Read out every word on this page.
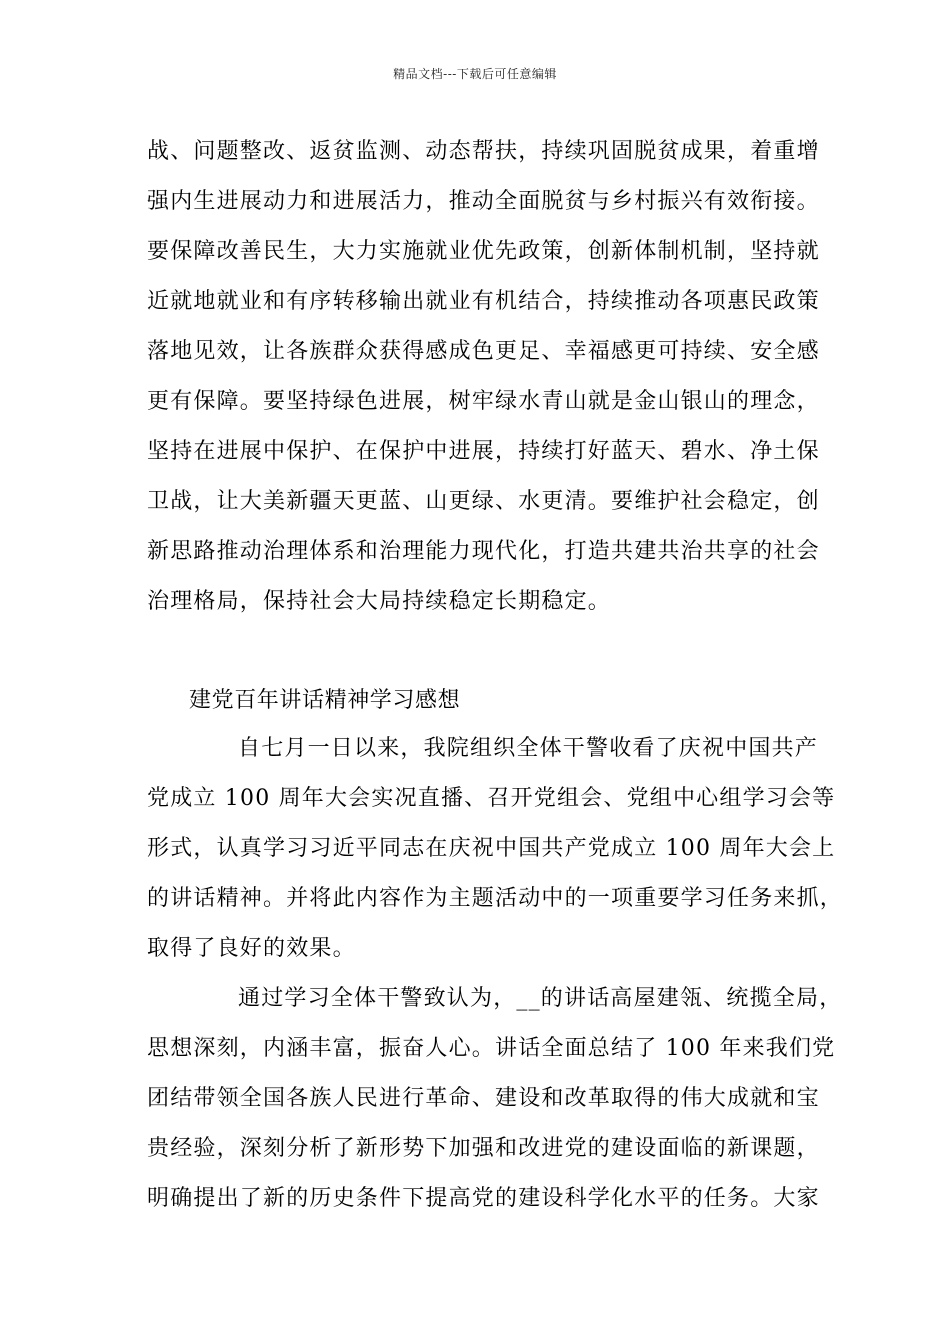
精品文档---下载后可任意编辑
战、问题整改、返贫监测、动态帮扶，持续巩固脱贫成果，着重增
强内生进展动力和进展活力，推动全面脱贫与乡村振兴有效衔接。
要保障改善民生，大力实施就业优先政策，创新体制机制，坚持就
近就地就业和有序转移输出就业有机结合，持续推动各项惠民政策
落地见效，让各族群众获得感成色更足、幸福感更可持续、安全感
更有保障。要坚持绿色进展，树牢绿水青山就是金山银山的理念，
坚持在进展中保护、在保护中进展，持续打好蓝天、碧水、净土保
卫战，让大美新疆天更蓝、山更绿、水更清。要维护社会稳定，创
新思路推动治理体系和治理能力现代化，打造共建共治共享的社会
治理格局，保持社会大局持续稳定长期稳定。
建党百年讲话精神学习感想
自七月一日以来，我院组织全体干警收看了庆祝中国共产
党成立 100 周年大会实况直播、召开党组会、党组中心组学习会等
形式，认真学习习近平同志在庆祝中国共产党成立 100 周年大会上
的讲话精神。并将此内容作为主题活动中的一项重要学习任务来抓，
取得了良好的效果。
通过学习全体干警致认为，__的讲话高屋建瓴、统揽全局，
思想深刻，内涵丰富，振奋人心。讲话全面总结了 100 年来我们党
团结带领全国各族人民进行革命、建设和改革取得的伟大成就和宝
贵经验，深刻分析了新形势下加强和改进党的建设面临的新课题，
明确提出了新的历史条件下提高党的建设科学化水平的任务。大家
